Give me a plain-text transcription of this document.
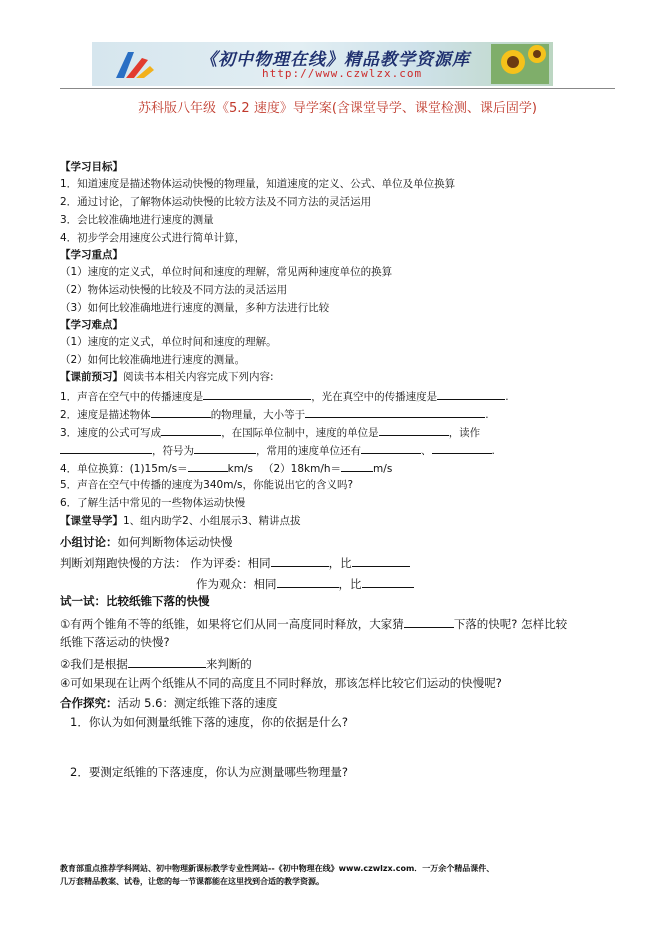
《初中物理在线》精品教学资源库
http://www.czwlzx.com
苏科版八年级《5.2 速度》导学案(含课堂导学、课堂检测、课后固学)
【学习目标】
1．知道速度是描述物体运动快慢的物理量，知道速度的定义、公式、单位及单位换算
2．通过讨论，了解物体运动快慢的比较方法及不同方法的灵活运用
3．会比较准确地进行速度的测量
4．初步学会用速度公式进行简单计算，
【学习重点】
（1）速度的定义式，单位时间和速度的理解，常见两种速度单位的换算
（2）物体运动快慢的比较及不同方法的灵活运用
（3）如何比较准确地进行速度的测量，多种方法进行比较
【学习难点】
（1）速度的定义式，单位时间和速度的理解。
（2）如何比较准确地进行速度的测量。
【课前预习】阅读书本相关内容完成下列内容:
1．声音在空气中的传播速度是	，光在真空中的传播速度是	.
2．速度是描述物体	的物理量，大小等于	.
3．速度的公式可写成	，在国际单位制中，速度的单位是	，读作
，符号为	，常用的速度单位还有	、	.
4．单位换算：(1)15m/s＝	km/s （2）18km/h＝	m/s
5．声音在空气中传播的速度为340m/s，你能说出它的含义吗?
6．了解生活中常见的一些物体运动快慢
【课堂导学】1、组内助学2、小组展示3、精讲点拔
小组讨论：如何判断物体运动快慢
判断刘翔跑快慢的方法： 作为评委：相同	，比
作为观众：相同	，比
试一试：比较纸锥下落的快慢
①有两个锥角不等的纸锥，如果将它们从同一高度同时释放，大家猜	下落的快呢? 怎样比较
纸锥下落运动的快慢?
②我们是根据	来判断的
④可如果现在让两个纸锥从不同的高度且不同时释放，那该怎样比较它们运动的快慢呢?
合作探究：活动 5.6：测定纸锥下落的速度
1．你认为如何测量纸锥下落的速度，你的依据是什么?
2．要测定纸锥的下落速度，你认为应测量哪些物理量?
教育部重点推荐学科网站、初中物理新课标教学专业性网站--《初中物理在线》www.czwlzx.com．一万余个精品课件、
几万套精品教案、试卷，让您的每一节课都能在这里找到合适的教学资源。
